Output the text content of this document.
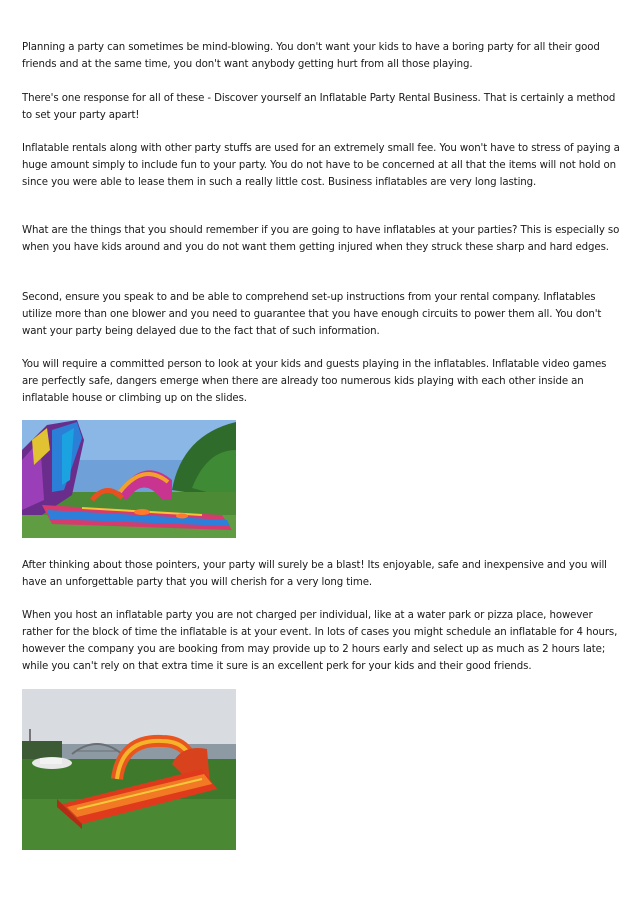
Planning a party can sometimes be mind-blowing. You don't want your kids to have a boring party for all their good friends and at the same time, you don't want anybody getting hurt from all those playing.

There's one response for all of these - Discover yourself an Inflatable Party Rental Business. That is certainly a method to set your party apart!

Inflatable rentals along with other party stuffs are used for an extremely small fee. You won't have to stress of paying a huge amount simply to include fun to your party. You do not have to be concerned at all that the items will not hold on since you were able to lease them in such a really little cost. Business inflatables are very long lasting.

What are the things that you should remember if you are going to have inflatables at your parties? This is especially so when you have kids around and you do not want them getting injured when they struck these sharp and hard edges.

Second, ensure you speak to and be able to comprehend set-up instructions from your rental company. Inflatables utilize more than one blower and you need to guarantee that you have enough circuits to power them all. You don't want your party being delayed due to the fact that of such information.

You will require a committed person to look at your kids and guests playing in the inflatables. Inflatable video games are perfectly safe, dangers emerge when there are already too numerous kids playing with each other inside an inflatable house or climbing up on the slides.

After thinking about those pointers, your party will surely be a blast! Its enjoyable, safe and inexpensive and you will have an unforgettable party that you will cherish for a very long time.

When you host an inflatable party you are not charged per individual, like at a water park or pizza place, however rather for the block of time the inflatable is at your event. In lots of cases you might schedule an inflatable for 4 hours, however the company you are booking from may provide up to 2 hours early and select up as much as 2 hours late; while you can't rely on that extra time it sure is an excellent perk for your kids and their good friends.
